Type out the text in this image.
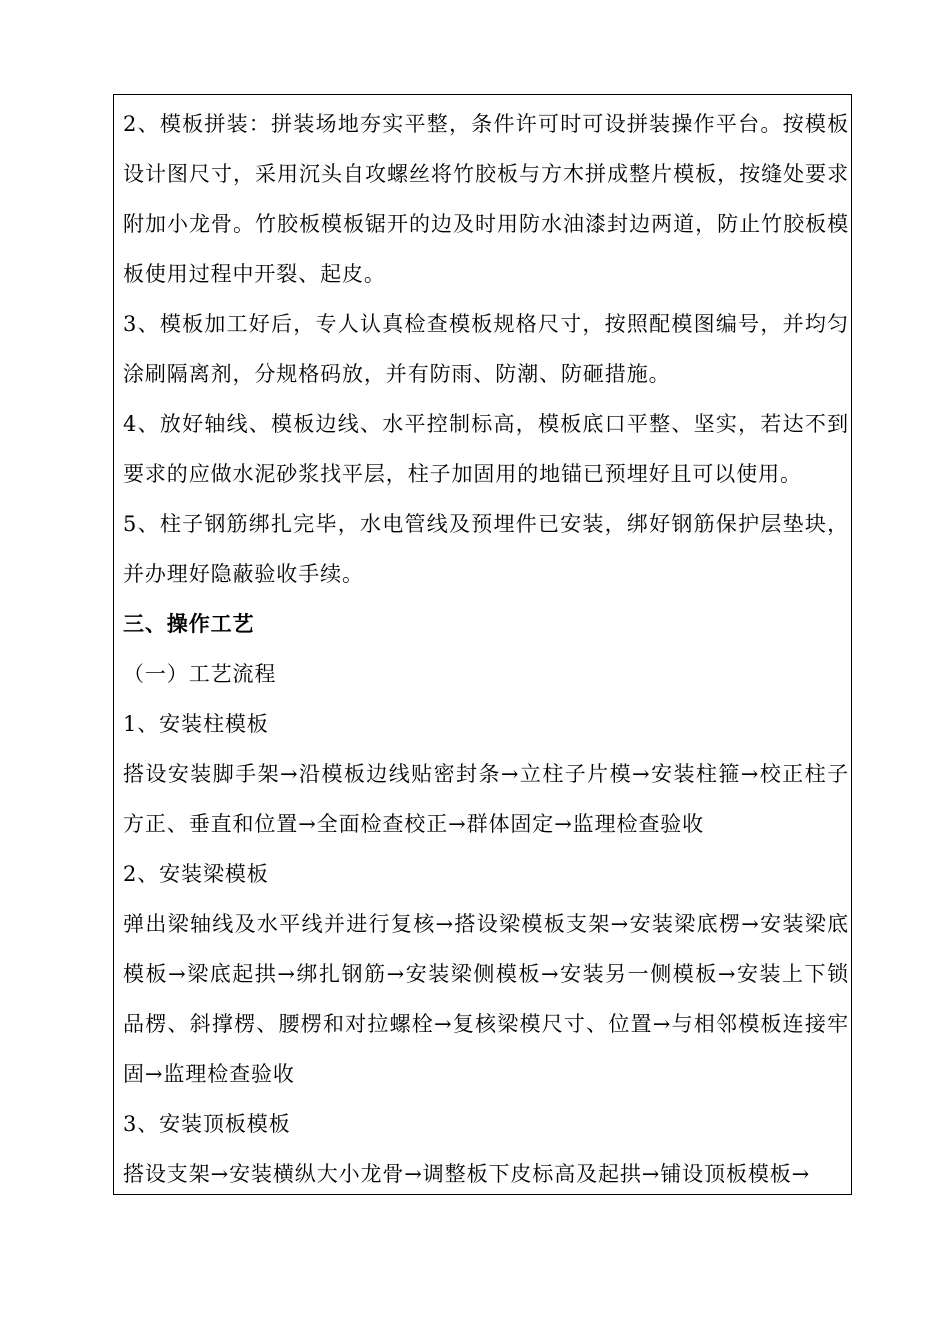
2、模板拼装：拼装场地夯实平整，条件许可时可设拼装操作平台。按模板设计图尺寸，采用沉头自攻螺丝将竹胶板与方木拼成整片模板，按缝处要求附加小龙骨。竹胶板模板锯开的边及时用防水油漆封边两道，防止竹胶板模板使用过程中开裂、起皮。

3、模板加工好后，专人认真检查模板规格尺寸，按照配模图编号，并均匀涂刷隔离剂，分规格码放，并有防雨、防潮、防砸措施。

4、放好轴线、模板边线、水平控制标高，模板底口平整、坚实，若达不到要求的应做水泥砂浆找平层，柱子加固用的地锚已预埋好且可以使用。

5、柱子钢筋绑扎完毕，水电管线及预埋件已安装，绑好钢筋保护层垫块，并办理好隐蔽验收手续。

三、操作工艺

（一）工艺流程

1、安装柱模板

搭设安装脚手架→沿模板边线贴密封条→立柱子片模→安装柱箍→校正柱子方正、垂直和位置→全面检查校正→群体固定→监理检查验收

2、安装梁模板

弹出梁轴线及水平线并进行复核→搭设梁模板支架→安装梁底楞→安装梁底模板→梁底起拱→绑扎钢筋→安装梁侧模板→安装另一侧模板→安装上下锁品楞、斜撑楞、腰楞和对拉螺栓→复核梁模尺寸、位置→与相邻模板连接牢固→监理检查验收

3、安装顶板模板

搭设支架→安装横纵大小龙骨→调整板下皮标高及起拱→铺设顶板模板→
